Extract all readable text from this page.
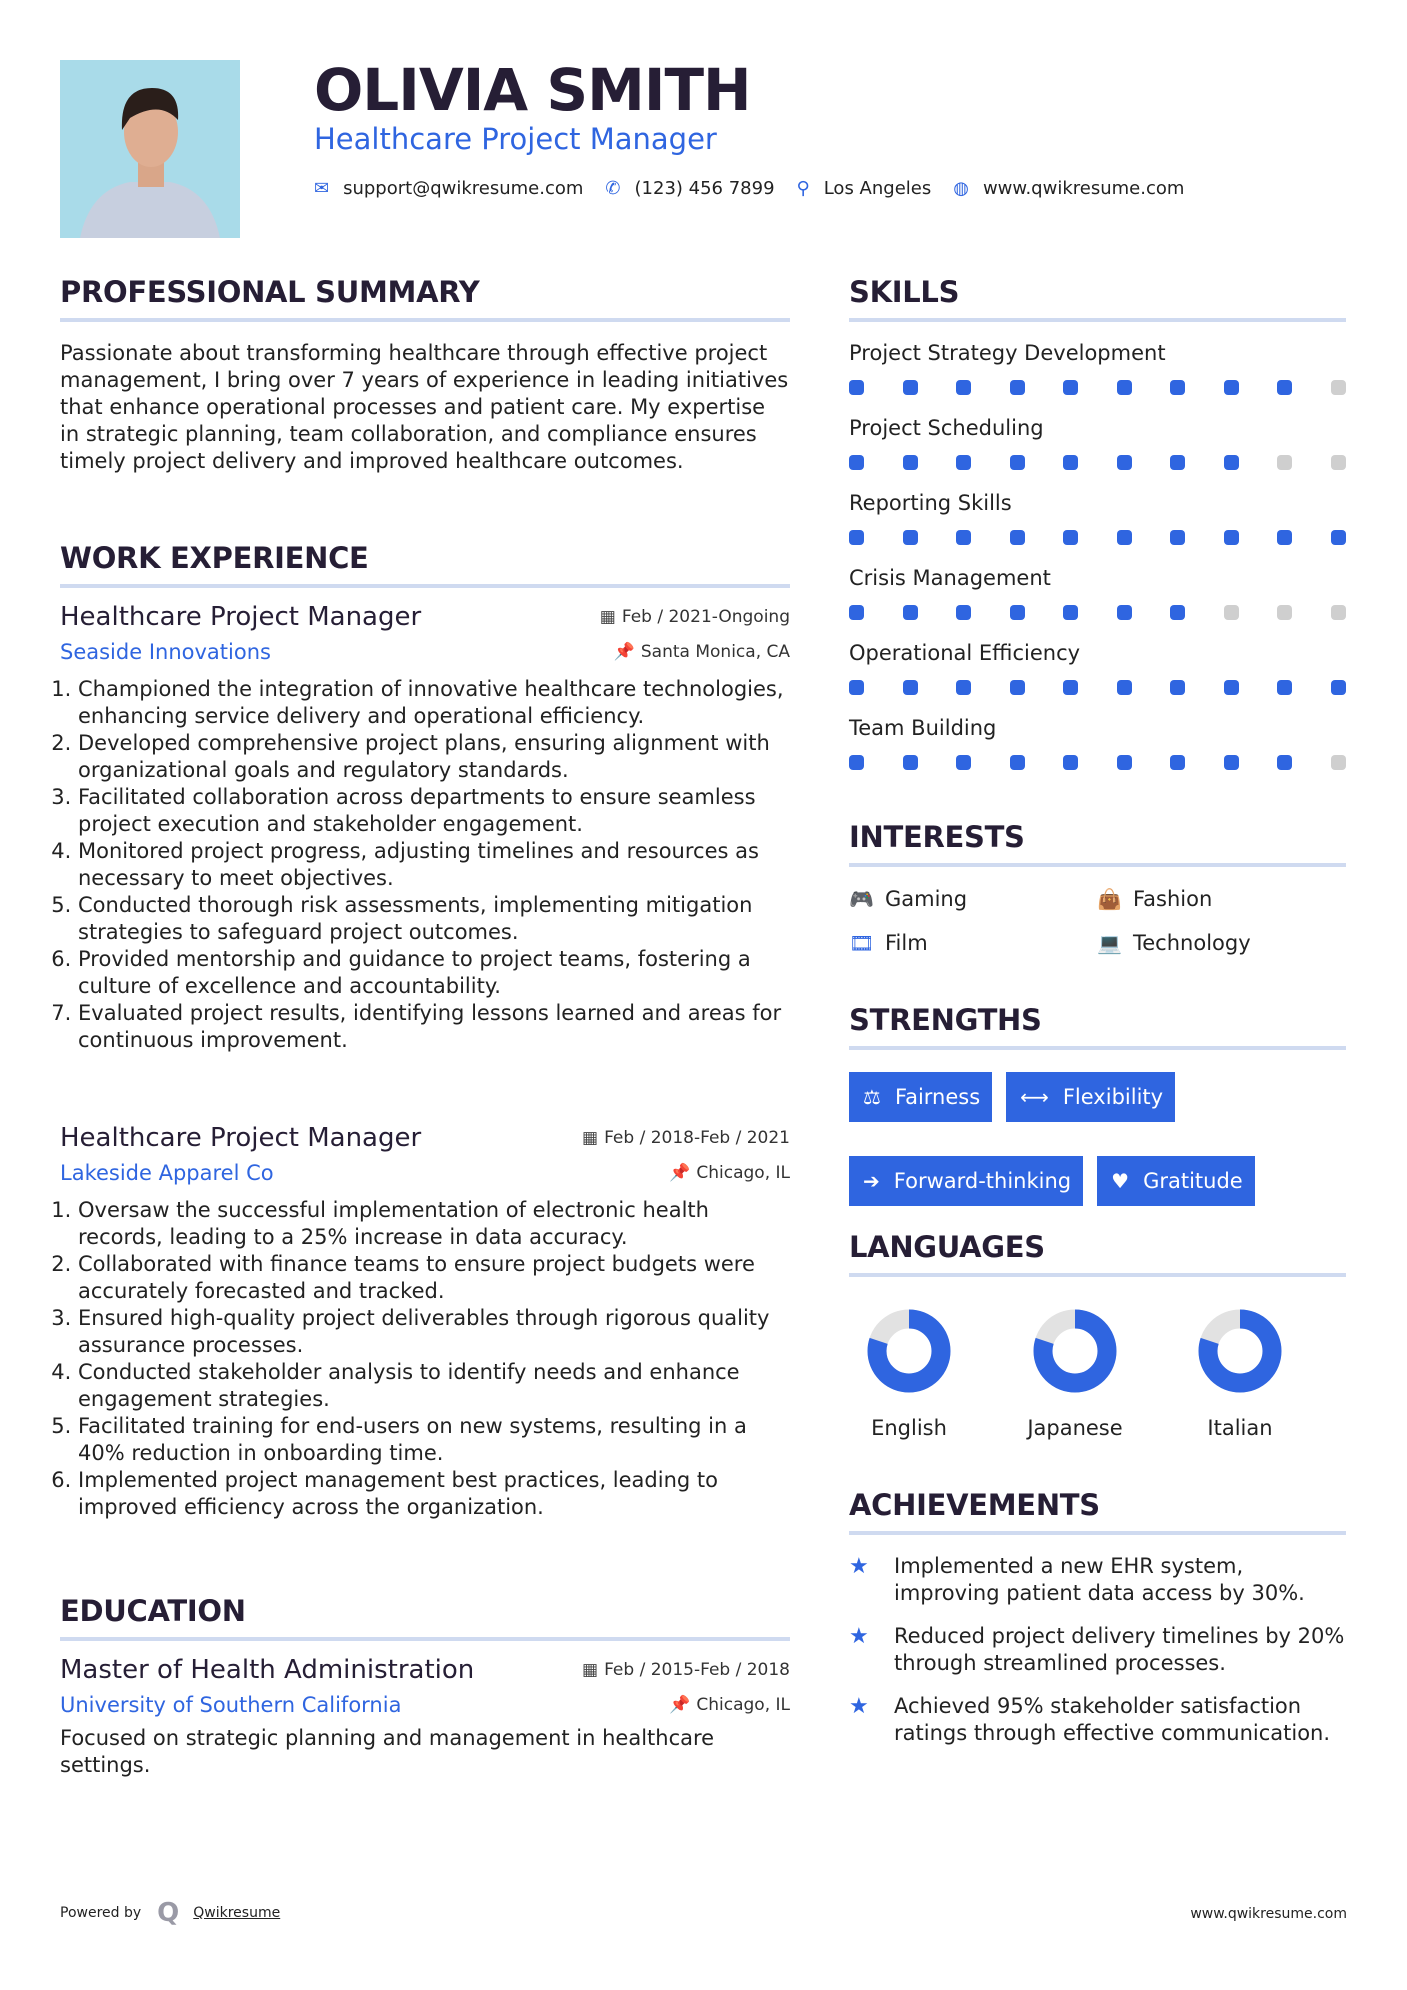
OLIVIA SMITH
Healthcare Project Manager
✉ support@qwikresume.com ✆ (123) 456 7899 ⚲ Los Angeles ◍ www.qwikresume.com
PROFESSIONAL SUMMARY

Passionate about transforming healthcare through effective project management, I bring over 7 years of experience in leading initiatives that enhance operational processes and patient care. My expertise in strategic planning, team collaboration, and compliance ensures timely project delivery and improved healthcare outcomes.

WORK EXPERIENCE
Healthcare Project Manager	▦ Feb / 2021-Ongoing
Seaside Innovations	📌 Santa Monica, CA
1. Championed the integration of innovative healthcare technologies, enhancing service delivery and operational efficiency.
2. Developed comprehensive project plans, ensuring alignment with organizational goals and regulatory standards.
3. Facilitated collaboration across departments to ensure seamless project execution and stakeholder engagement.
4. Monitored project progress, adjusting timelines and resources as necessary to meet objectives.
5. Conducted thorough risk assessments, implementing mitigation strategies to safeguard project outcomes.
6. Provided mentorship and guidance to project teams, fostering a culture of excellence and accountability.
7. Evaluated project results, identifying lessons learned and areas for continuous improvement.
Healthcare Project Manager	▦ Feb / 2018-Feb / 2021
Lakeside Apparel Co	📌 Chicago, IL
1. Oversaw the successful implementation of electronic health records, leading to a 25% increase in data accuracy.
2. Collaborated with finance teams to ensure project budgets were accurately forecasted and tracked.
3. Ensured high-quality project deliverables through rigorous quality assurance processes.
4. Conducted stakeholder analysis to identify needs and enhance engagement strategies.
5. Facilitated training for end-users on new systems, resulting in a 40% reduction in onboarding time.
6. Implemented project management best practices, leading to improved efficiency across the organization.
EDUCATION
Master of Health Administration	▦ Feb / 2015-Feb / 2018
University of Southern California	📌 Chicago, IL

Focused on strategic planning and management in healthcare settings.

SKILLS
Project Strategy Development
Project Scheduling
Reporting Skills
Crisis Management
Operational Efficiency
Team Building
INTERESTS
🎮 Gaming	👜 Fashion
🎞 Film	💻 Technology
STRENGTHS
⚖ Fairness ⟷ Flexibility
➔ Forward-thinking ♥ Gratitude
LANGUAGES
English	Japanese	Italian
ACHIEVEMENTS
★	Implemented a new EHR system, improving patient data access by 30%.
★	Reduced project delivery timelines by 20% through streamlined processes.
★	Achieved 95% stakeholder satisfaction ratings through effective communication.
Powered by Q Qwikresume	www.qwikresume.com
